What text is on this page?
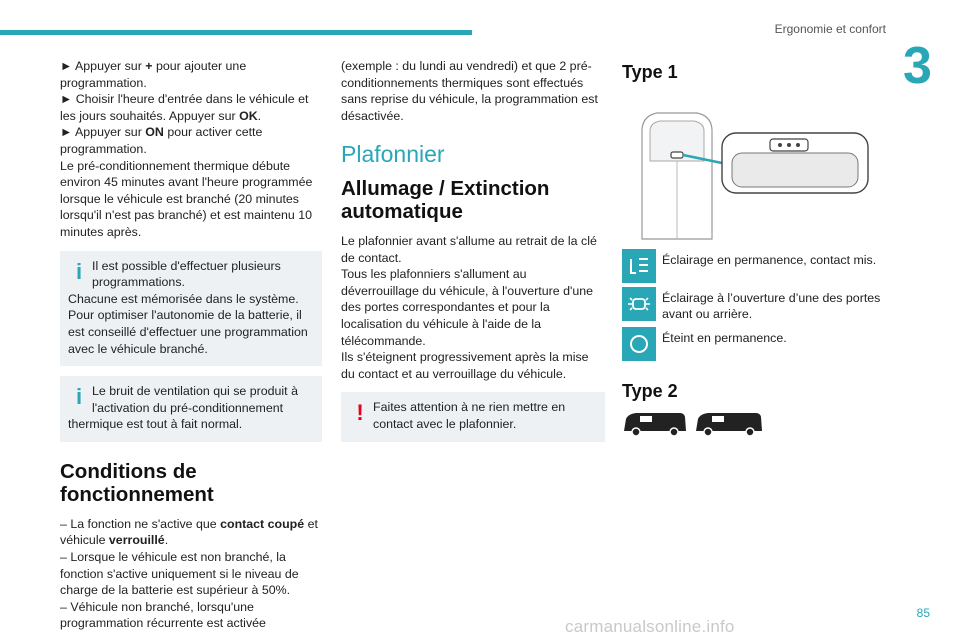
Ergonomie et confort
3

► Appuyer sur + pour ajouter une programmation.

► Choisir l'heure d'entrée dans le véhicule et les jours souhaités. Appuyer sur OK.

► Appuyer sur ON pour activer cette programmation.

Le pré-conditionnement thermique débute environ 45 minutes avant l'heure programmée lorsque le véhicule est branché (20 minutes lorsqu'il n'est pas branché) et est maintenu 10 minutes après.

i Il est possible d'effectuer plusieurs programmations.

Chacune est mémorisée dans le système. Pour optimiser l'autonomie de la batterie, il est conseillé d'effectuer une programmation avec le véhicule branché.

i Le bruit de ventilation qui se produit à l'activation du pré-conditionnement

thermique est tout à fait normal.

Conditions de fonctionnement

– La fonction ne s'active que contact coupé et véhicule verrouillé.

– Lorsque le véhicule est non branché, la fonction s'active uniquement si le niveau de charge de la batterie est supérieur à 50%.

– Véhicule non branché, lorsqu'une programmation récurrente est activée

(exemple : du lundi au vendredi) et que 2 pré-conditionnements thermiques sont effectués sans reprise du véhicule, la programmation est désactivée.

Plafonnier
Allumage / Extinction automatique

Le plafonnier avant s'allume au retrait de la clé de contact.

Tous les plafonniers s'allument au déverrouillage du véhicule, à l'ouverture d'une des portes correspondantes et pour la localisation du véhicule à l'aide de la télécommande.

Ils s'éteignent progressivement après la mise du contact et au verrouillage du véhicule.

! Faites attention à ne rien mettre en

contact avec le plafonnier.

Type 1
Éclairage en permanence, contact mis.
Éclairage à l’ouverture d’une des portes avant ou arrière.
Éteint en permanence.
Type 2
85
carmanualsonline.info
